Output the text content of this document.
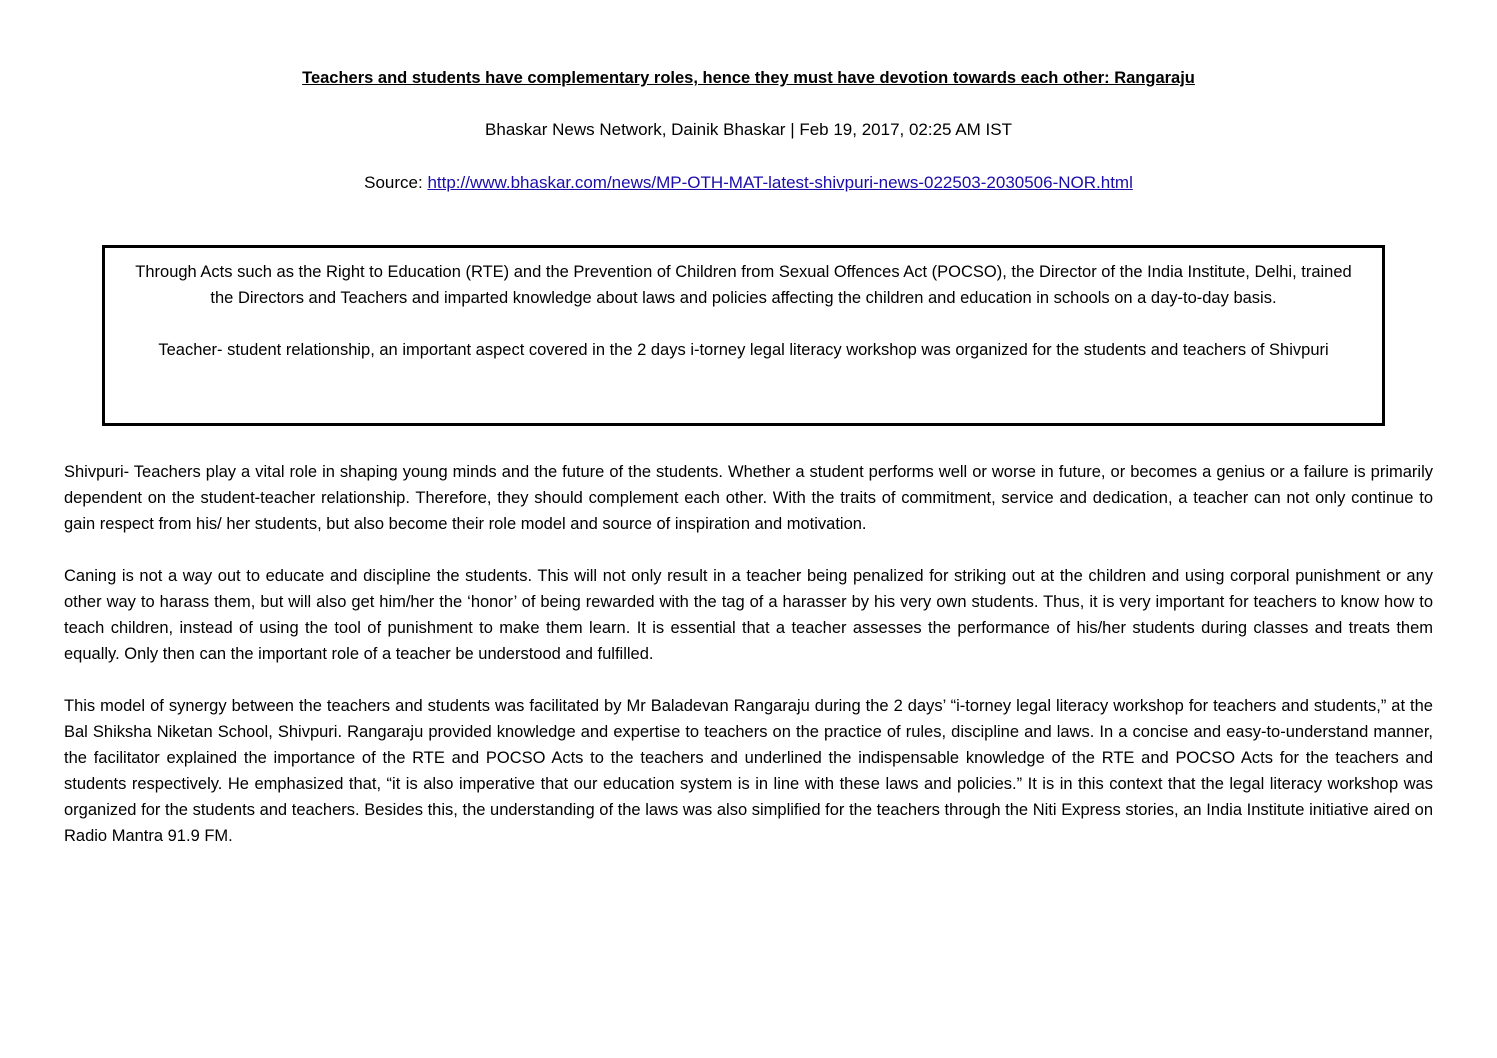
Teachers and students have complementary roles, hence they must have devotion towards each other: Rangaraju

Bhaskar News Network, Dainik Bhaskar | Feb 19, 2017, 02:25 AM IST

Source: http://www.bhaskar.com/news/MP-OTH-MAT-latest-shivpuri-news-022503-2030506-NOR.html

Through Acts such as the Right to Education (RTE) and the Prevention of Children from Sexual Offences Act (POCSO), the Director of the India Institute, Delhi, trained the Directors and Teachers and imparted knowledge about laws and policies affecting the children and education in schools on a day-to-day basis.

Teacher- student relationship, an important aspect covered in the 2 days i-torney legal literacy workshop was organized for the students and teachers of Shivpuri

Shivpuri- Teachers play a vital role in shaping young minds and the future of the students. Whether a student performs well or worse in future, or becomes a genius or a failure is primarily dependent on the student-teacher relationship. Therefore, they should complement each other. With the traits of commitment, service and dedication, a teacher can not only continue to gain respect from his/ her students, but also become their role model and source of inspiration and motivation.

Caning is not a way out to educate and discipline the students. This will not only result in a teacher being penalized for striking out at the children and using corporal punishment or any other way to harass them, but will also get him/her the ‘honor’ of being rewarded with the tag of a harasser by his very own students. Thus, it is very important for teachers to know how to teach children, instead of using the tool of punishment to make them learn. It is essential that a teacher assesses the performance of his/her students during classes and treats them equally. Only then can the important role of a teacher be understood and fulfilled.

This model of synergy between the teachers and students was facilitated by Mr Baladevan Rangaraju during the 2 days’ “i-torney legal literacy workshop for teachers and students,” at the Bal Shiksha Niketan School, Shivpuri. Rangaraju provided knowledge and expertise to teachers on the practice of rules, discipline and laws. In a concise and easy-to-understand manner, the facilitator explained the importance of the RTE and POCSO Acts to the teachers and underlined the indispensable knowledge of the RTE and POCSO Acts for the teachers and students respectively. He emphasized that, “it is also imperative that our education system is in line with these laws and policies.” It is in this context that the legal literacy workshop was organized for the students and teachers. Besides this, the understanding of the laws was also simplified for the teachers through the Niti Express stories, an India Institute initiative aired on Radio Mantra 91.9 FM.
